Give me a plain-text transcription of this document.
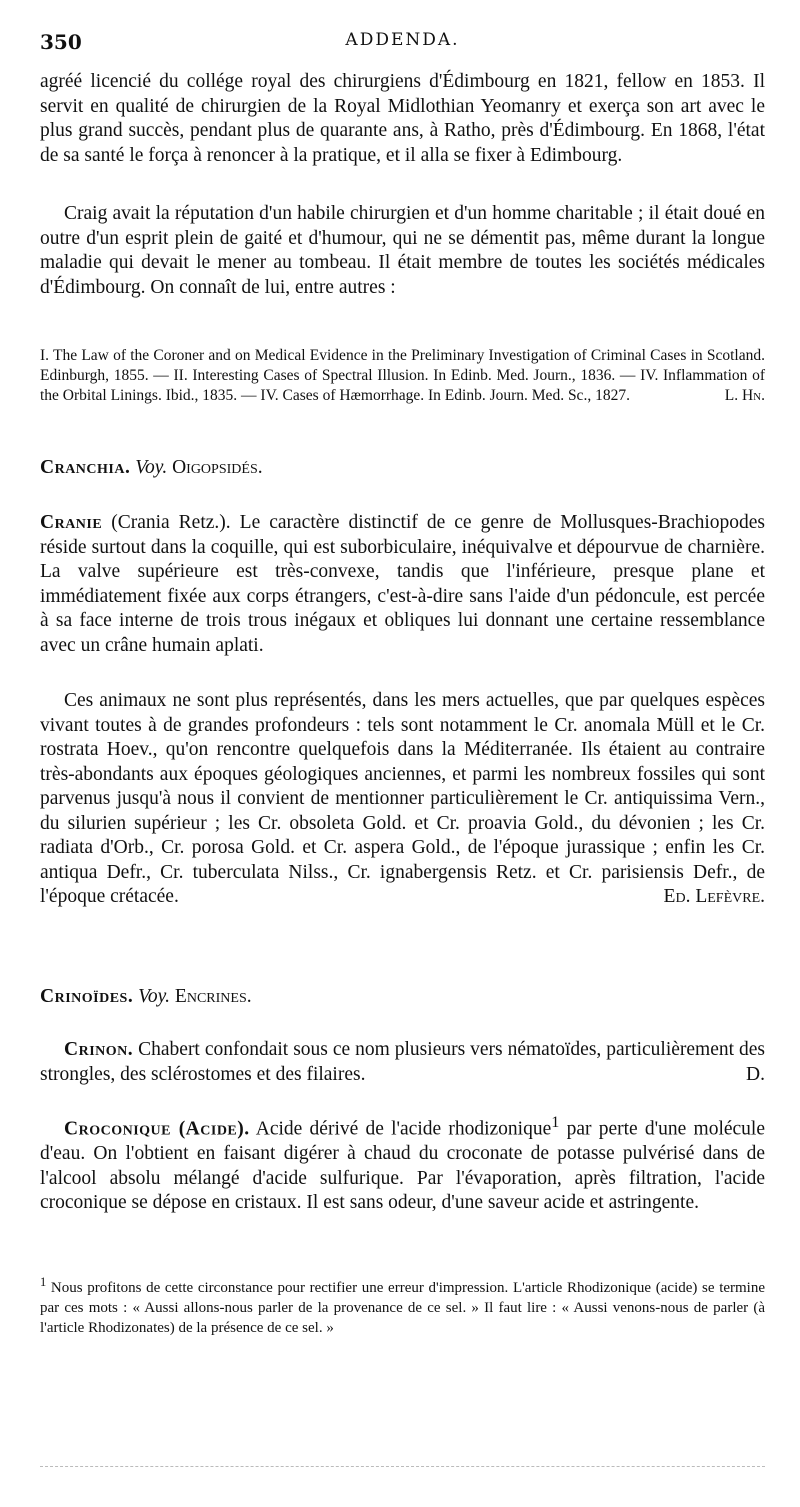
350	ADDENDA.

agréé licencié du collége royal des chirurgiens d'Édimbourg en 1821, fellow en 1853. Il servit en qualité de chirurgien de la Royal Midlothian Yeomanry et exerça son art avec le plus grand succès, pendant plus de quarante ans, à Ratho, près d'Édimbourg. En 1868, l'état de sa santé le força à renoncer à la pratique, et il alla se fixer à Edimbourg.

Craig avait la réputation d'un habile chirurgien et d'un homme charitable ; il était doué en outre d'un esprit plein de gaité et d'humour, qui ne se démentit pas, même durant la longue maladie qui devait le mener au tombeau. Il était membre de toutes les sociétés médicales d'Édimbourg. On connaît de lui, entre autres :

I. The Law of the Coroner and on Medical Evidence in the Preliminary Investigation of Criminal Cases in Scotland. Edinburgh, 1855. — II. Interesting Cases of Spectral Illusion. In Edinb. Med. Journ., 1836. — IV. Inflammation of the Orbital Linings. Ibid., 1835. — IV. Cases of Hæmorrhage. In Edinb. Journ. Med. Sc., 1827.	L. Hn.

Cranchia. Voy. Oigopsidés.

Cranie (Crania Retz.). Le caractère distinctif de ce genre de Mollusques-Brachiopodes réside surtout dans la coquille, qui est suborbiculaire, inéquivalve et dépourvue de charnière. La valve supérieure est très-convexe, tandis que l'inférieure, presque plane et immédiatement fixée aux corps étrangers, c'est-à-dire sans l'aide d'un pédoncule, est percée à sa face interne de trois trous inégaux et obliques lui donnant une certaine ressemblance avec un crâne humain aplati.

Ces animaux ne sont plus représentés, dans les mers actuelles, que par quelques espèces vivant toutes à de grandes profondeurs : tels sont notamment le Cr. anomala Müll et le Cr. rostrata Hoev., qu'on rencontre quelquefois dans la Méditerranée. Ils étaient au contraire très-abondants aux époques géologiques anciennes, et parmi les nombreux fossiles qui sont parvenus jusqu'à nous il convient de mentionner particulièrement le Cr. antiquissima Vern., du silurien supérieur ; les Cr. obsoleta Gold. et Cr. proavia Gold., du dévonien ; les Cr. radiata d'Orb., Cr. porosa Gold. et Cr. aspera Gold., de l'époque jurassique ; enfin les Cr. antiqua Defr., Cr. tuberculata Nilss., Cr. ignabergensis Retz. et Cr. parisiensis Defr., de l'époque crétacée.	Ed. Lefèvre.

Crinoïdes. Voy. Encrines.

Crinon. Chabert confondait sous ce nom plusieurs vers nématoïdes, particulièrement des strongles, des sclérostomes et des filaires.	D.

Croconique (Acide). Acide dérivé de l'acide rhodizonique$^1$ par perte d'une molécule d'eau. On l'obtient en faisant digérer à chaud du croconate de potasse pulvérisé dans de l'alcool absolu mélangé d'acide sulfurique. Par l'évaporation, après filtration, l'acide croconique se dépose en cristaux. Il est sans odeur, d'une saveur acide et astringente.

$^1$ Nous profitons de cette circonstance pour rectifier une erreur d'impression. L'article Rhodizonique (acide) se termine par ces mots : « Aussi allons-nous parler de la provenance de ce sel. » Il faut lire : « Aussi venons-nous de parler (à l'article Rhodizonates) de la présence de ce sel. »
